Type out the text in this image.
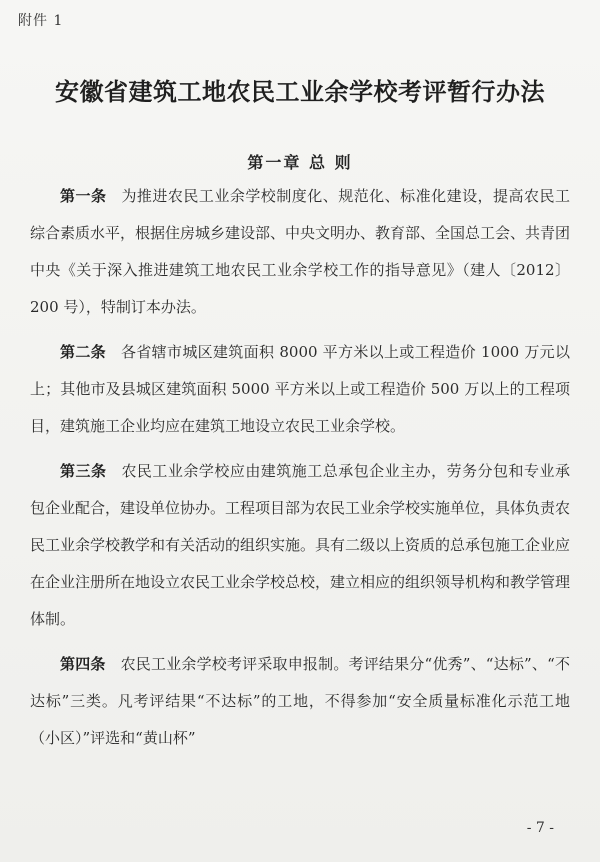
附件 1
安徽省建筑工地农民工业余学校考评暂行办法
第一章 总 则

第一条 为推进农民工业余学校制度化、规范化、标准化建设，提高农民工综合素质水平，根据住房城乡建设部、中央文明办、教育部、全国总工会、共青团中央《关于深入推进建筑工地农民工业余学校工作的指导意见》（建人〔2012〕200 号），特制订本办法。

第二条 各省辖市城区建筑面积 8000 平方米以上或工程造价 1000 万元以上；其他市及县城区建筑面积 5000 平方米以上或工程造价 500 万以上的工程项目，建筑施工企业均应在建筑工地设立农民工业余学校。

第三条 农民工业余学校应由建筑施工总承包企业主办，劳务分包和专业承包企业配合，建设单位协办。工程项目部为农民工业余学校实施单位，具体负责农民工业余学校教学和有关活动的组织实施。具有二级以上资质的总承包施工企业应在企业注册所在地设立农民工业余学校总校，建立相应的组织领导机构和教学管理体制。

第四条 农民工业余学校考评采取申报制。考评结果分“优秀”、“达标”、“不达标”三类。凡考评结果“不达标”的工地，不得参加“安全质量标准化示范工地（小区）”评选和“黄山杯”

- 7 -
